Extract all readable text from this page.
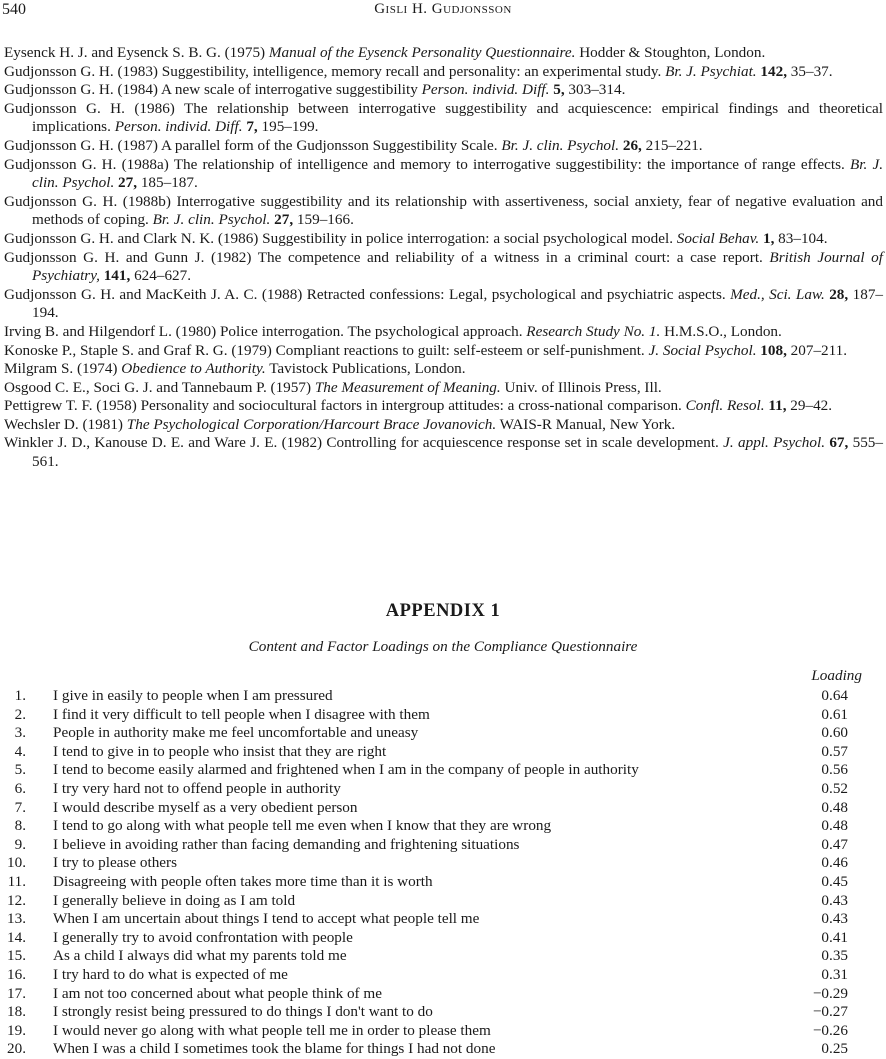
540	Gisli H. Gudjonsson

Eysenck H. J. and Eysenck S. B. G. (1975) Manual of the Eysenck Personality Questionnaire. Hodder & Stoughton, London.

Gudjonsson G. H. (1983) Suggestibility, intelligence, memory recall and personality: an experimental study. Br. J. Psychiat. 142, 35–37.

Gudjonsson G. H. (1984) A new scale of interrogative suggestibility Person. individ. Diff. 5, 303–314.

Gudjonsson G. H. (1986) The relationship between interrogative suggestibility and acquiescence: empirical findings and theoretical implications. Person. individ. Diff. 7, 195–199.

Gudjonsson G. H. (1987) A parallel form of the Gudjonsson Suggestibility Scale. Br. J. clin. Psychol. 26, 215–221.

Gudjonsson G. H. (1988a) The relationship of intelligence and memory to interrogative suggestibility: the importance of range effects. Br. J. clin. Psychol. 27, 185–187.

Gudjonsson G. H. (1988b) Interrogative suggestibility and its relationship with assertiveness, social anxiety, fear of negative evaluation and methods of coping. Br. J. clin. Psychol. 27, 159–166.

Gudjonsson G. H. and Clark N. K. (1986) Suggestibility in police interrogation: a social psychological model. Social Behav. 1, 83–104.

Gudjonsson G. H. and Gunn J. (1982) The competence and reliability of a witness in a criminal court: a case report. British Journal of Psychiatry, 141, 624–627.

Gudjonsson G. H. and MacKeith J. A. C. (1988) Retracted confessions: Legal, psychological and psychiatric aspects. Med., Sci. Law. 28, 187–194.

Irving B. and Hilgendorf L. (1980) Police interrogation. The psychological approach. Research Study No. 1. H.M.S.O., London.

Konoske P., Staple S. and Graf R. G. (1979) Compliant reactions to guilt: self-esteem or self-punishment. J. Social Psychol. 108, 207–211.

Milgram S. (1974) Obedience to Authority. Tavistock Publications, London.

Osgood C. E., Soci G. J. and Tannebaum P. (1957) The Measurement of Meaning. Univ. of Illinois Press, Ill.

Pettigrew T. F. (1958) Personality and sociocultural factors in intergroup attitudes: a cross-national comparison. Confl. Resol. 11, 29–42.

Wechsler D. (1981) The Psychological Corporation/Harcourt Brace Jovanovich. WAIS-R Manual, New York.

Winkler J. D., Kanouse D. E. and Ware J. E. (1982) Controlling for acquiescence response set in scale development. J. appl. Psychol. 67, 555–561.

APPENDIX 1
Content and Factor Loadings on the Compliance Questionnaire
Loading
1. I give in easily to people when I am pressured	0.64
2. I find it very difficult to tell people when I disagree with them	0.61
3. People in authority make me feel uncomfortable and uneasy	0.60
4. I tend to give in to people who insist that they are right	0.57
5. I tend to become easily alarmed and frightened when I am in the company of people in authority	0.56
6. I try very hard not to offend people in authority	0.52
7. I would describe myself as a very obedient person	0.48
8. I tend to go along with what people tell me even when I know that they are wrong	0.48
9. I believe in avoiding rather than facing demanding and frightening situations	0.47
10. I try to please others	0.46
11. Disagreeing with people often takes more time than it is worth	0.45
12. I generally believe in doing as I am told	0.43
13. When I am uncertain about things I tend to accept what people tell me	0.43
14. I generally try to avoid confrontation with people	0.41
15. As a child I always did what my parents told me	0.35
16. I try hard to do what is expected of me	0.31
17. I am not too concerned about what people think of me	−0.29
18. I strongly resist being pressured to do things I don't want to do	−0.27
19. I would never go along with what people tell me in order to please them	−0.26
20. When I was a child I sometimes took the blame for things I had not done	0.25
